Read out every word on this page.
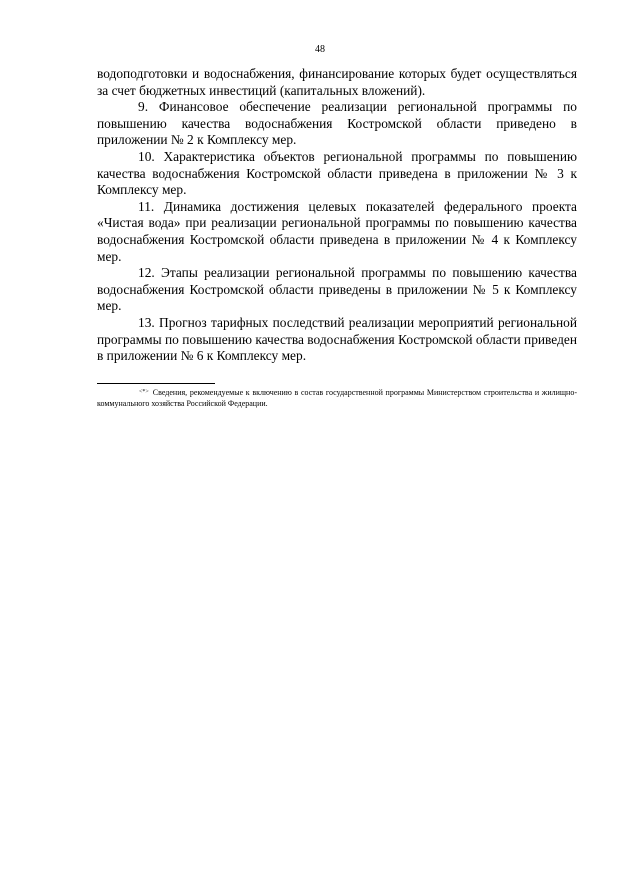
48

водоподготовки и водоснабжения, финансирование которых будет осуществляться за счет бюджетных инвестиций (капитальных вложений).

9. Финансовое обеспечение реализации региональной программы по повышению качества водоснабжения Костромской области приведено в приложении № 2 к Комплексу мер.

10. Характеристика объектов региональной программы по повышению качества водоснабжения Костромской области приведена в приложении № 3 к Комплексу мер.

11. Динамика достижения целевых показателей федерального проекта «Чистая вода» при реализации региональной программы по повышению качества водоснабжения Костромской области приведена в приложении № 4 к Комплексу мер.

12. Этапы реализации региональной программы по повышению качества водоснабжения Костромской области приведены в приложении № 5 к Комплексу мер.

13. Прогноз тарифных последствий реализации мероприятий региональной программы по повышению качества водоснабжения Костромской области приведен в приложении № 6 к Комплексу мер.

<*> Сведения, рекомендуемые к включению в состав государственной программы Министерством строительства и жилищно-коммунального хозяйства Российской Федерации.
